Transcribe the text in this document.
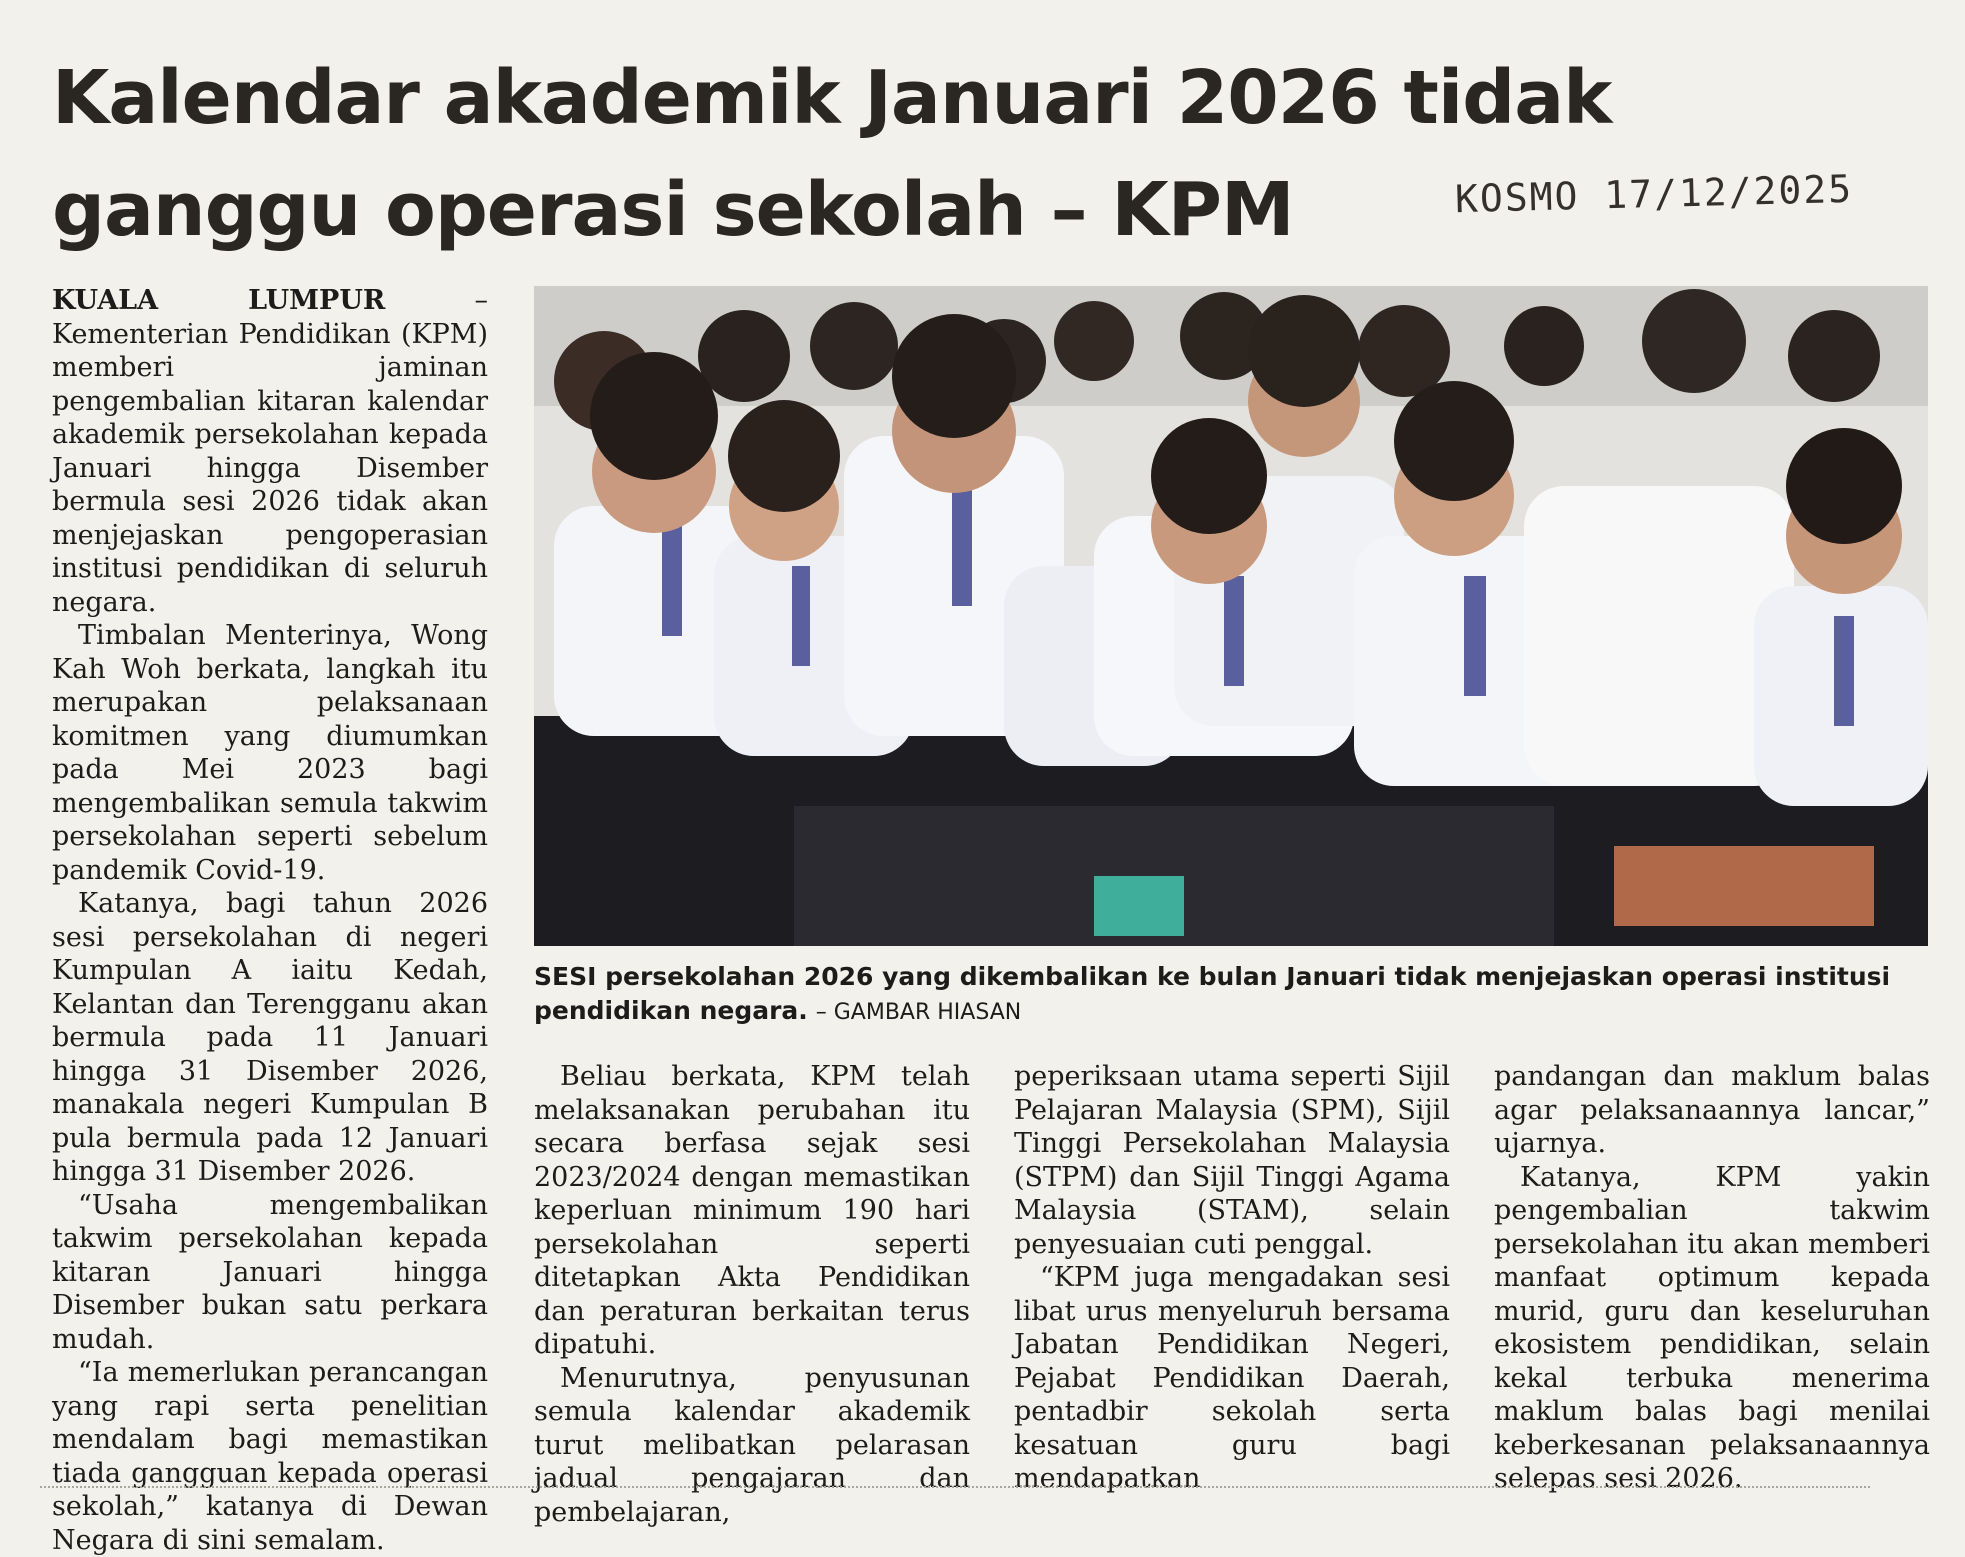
Kalendar akademik Januari 2026 tidak ganggu operasi sekolah – KPM	KOSMO 17/12/2025

KUALA LUMPUR	– Kementerian Pendidikan (KPM) memberi jaminan pengembalian kitaran kalendar akademik persekolahan kepada Januari hingga Disember bermula sesi 2026 tidak akan menjejaskan pengoperasian institusi pendidikan di seluruh negara.

Timbalan Menterinya, Wong Kah Woh berkata, langkah itu merupakan pelaksanaan komitmen yang diumumkan pada Mei 2023 bagi mengembalikan semula takwim persekolahan seperti sebelum pandemik Covid-19.

Katanya, bagi tahun 2026 sesi persekolahan di negeri Kumpulan A iaitu Kedah, Kelantan dan Terengganu akan bermula pada 11 Januari hingga 31 Disember 2026, manakala negeri Kumpulan B pula bermula pada 12 Januari hingga 31 Disember 2026.

“Usaha mengembalikan takwim persekolahan kepada kitaran Januari hingga Disember bukan satu perkara mudah.

“Ia memerlukan perancangan yang rapi serta penelitian mendalam bagi memastikan tiada gangguan kepada operasi sekolah,” katanya di Dewan Negara di sini semalam.

SESI persekolahan 2026 yang dikembalikan ke bulan Januari tidak menjejaskan operasi institusi pendidikan negara. – GAMBAR HIASAN

Beliau berkata, KPM telah melaksanakan perubahan itu secara berfasa sejak sesi 2023/2024 dengan memastikan keperluan minimum 190 hari persekolahan seperti ditetapkan Akta Pendidikan dan peraturan berkaitan terus dipatuhi.

Menurutnya, penyusunan semula kalendar akademik turut melibatkan pelarasan jadual pengajaran dan pembelajaran,

peperiksaan utama seperti Sijil Pelajaran Malaysia (SPM), Sijil Tinggi Persekolahan Malaysia (STPM) dan Sijil Tinggi Agama Malaysia (STAM), selain penyesuaian cuti penggal.

“KPM juga mengadakan sesi libat urus menyeluruh bersama Jabatan Pendidikan Negeri, Pejabat Pendidikan Daerah, pentadbir sekolah serta kesatuan guru bagi mendapatkan

pandangan dan maklum balas agar pelaksanaannya lancar,” ujarnya.

Katanya, KPM yakin pengembalian takwim persekolahan itu akan memberi manfaat optimum kepada murid, guru dan keseluruhan ekosistem pendidikan, selain kekal terbuka menerima maklum balas bagi menilai keberkesanan pelaksanaannya selepas sesi 2026.
